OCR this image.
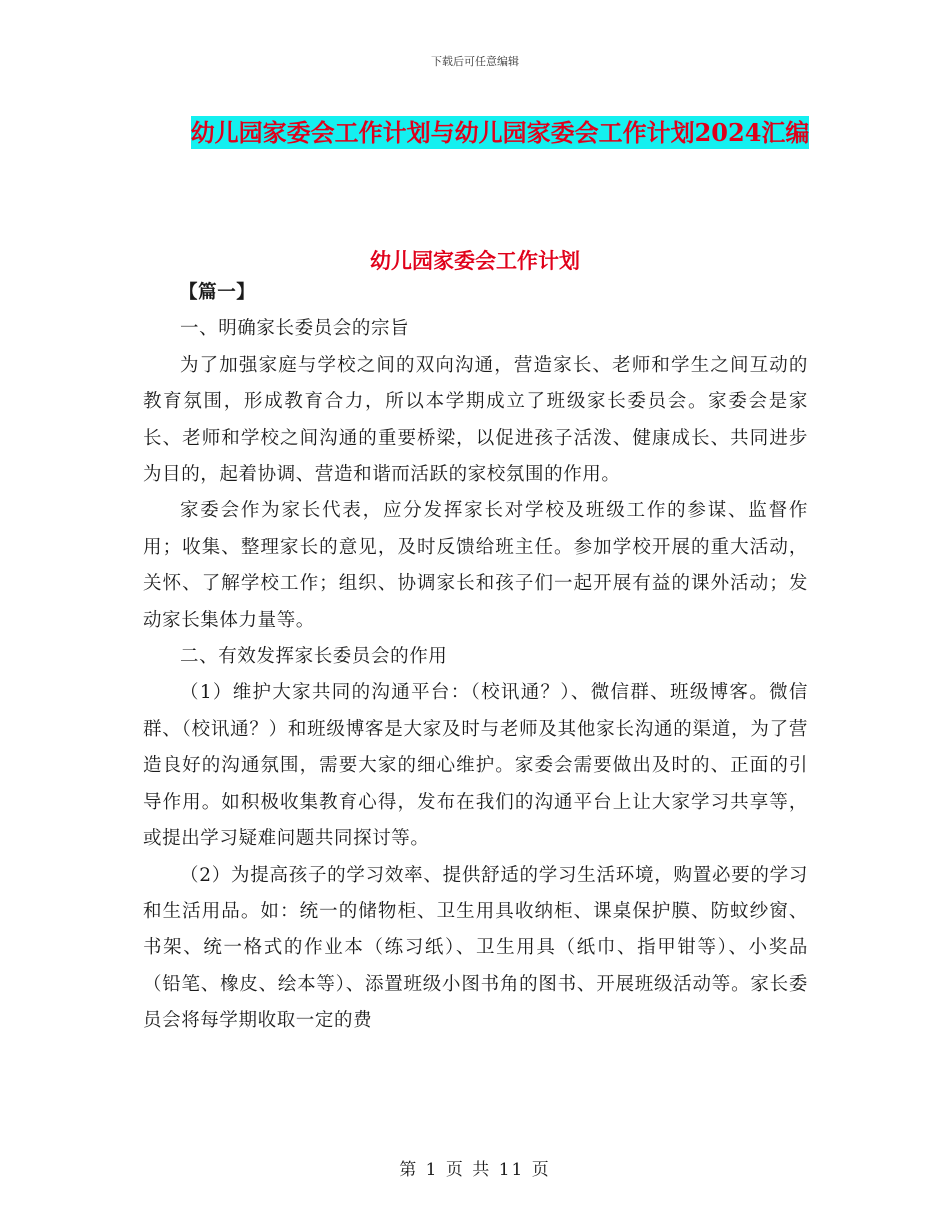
下载后可任意编辑
幼儿园家委会工作计划与幼儿园家委会工作计划2024汇编
幼儿园家委会工作计划

【篇一】

一、明确家长委员会的宗旨

为了加强家庭与学校之间的双向沟通，营造家长、老师和学生之间互动的教育氛围，形成教育合力，所以本学期成立了班级家长委员会。家委会是家长、老师和学校之间沟通的重要桥梁，以促进孩子活泼、健康成长、共同进步为目的，起着协调、营造和谐而活跃的家校氛围的作用。

家委会作为家长代表，应分发挥家长对学校及班级工作的参谋、监督作用；收集、整理家长的意见，及时反馈给班主任。参加学校开展的重大活动，关怀、了解学校工作；组织、协调家长和孩子们一起开展有益的课外活动；发动家长集体力量等。

二、有效发挥家长委员会的作用

（1）维护大家共同的沟通平台：（校讯通？）、微信群、班级博客。微信群、（校讯通？）和班级博客是大家及时与老师及其他家长沟通的渠道，为了营造良好的沟通氛围，需要大家的细心维护。家委会需要做出及时的、正面的引导作用。如积极收集教育心得，发布在我们的沟通平台上让大家学习共享等，或提出学习疑难问题共同探讨等。

（2）为提高孩子的学习效率、提供舒适的学习生活环境，购置必要的学习和生活用品。如：统一的储物柜、卫生用具收纳柜、课桌保护膜、防蚊纱窗、书架、统一格式的作业本（练习纸）、卫生用具（纸巾、指甲钳等）、小奖品（铅笔、橡皮、绘本等）、添置班级小图书角的图书、开展班级活动等。家长委员会将每学期收取一定的费

第 1 页 共 11 页
